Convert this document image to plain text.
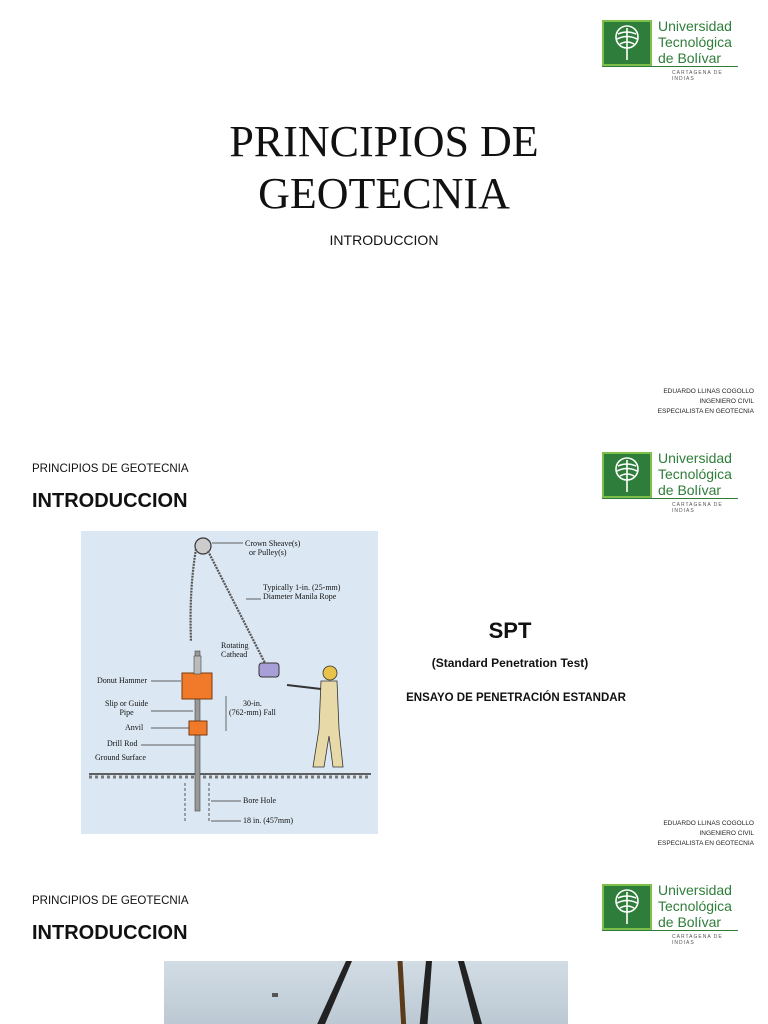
Universidad
Tecnológica
de Bolívar
CARTAGENA DE INDIAS
PRINCIPIOS DE
GEOTECNIA
INTRODUCCION
EDUARDO LLINAS COGOLLO
INGENIERO CIVIL
ESPECIALISTA EN GEOTECNIA
PRINCIPIOS DE GEOTECNIA
INTRODUCCION
Universidad
Tecnológica
de Bolívar
CARTAGENA DE INDIAS
Crown Sheave(s)
or Pulley(s)
Typically 1-in. (25-mm)
Diameter Manila Rope
Rotating
Cathead
Donut Hammer
Slip or Guide
Pipe
30-in.
(762-mm) Fall
Anvil
Drill Rod
Ground Surface
Bore Hole
18 in. (457mm)
SPT
(Standard Penetration Test)
ENSAYO DE PENETRACIÓN ESTANDAR
EDUARDO LLINAS COGOLLO
INGENIERO CIVIL
ESPECIALISTA EN GEOTECNIA
PRINCIPIOS DE GEOTECNIA
INTRODUCCION
Universidad
Tecnológica
de Bolívar
CARTAGENA DE INDIAS
